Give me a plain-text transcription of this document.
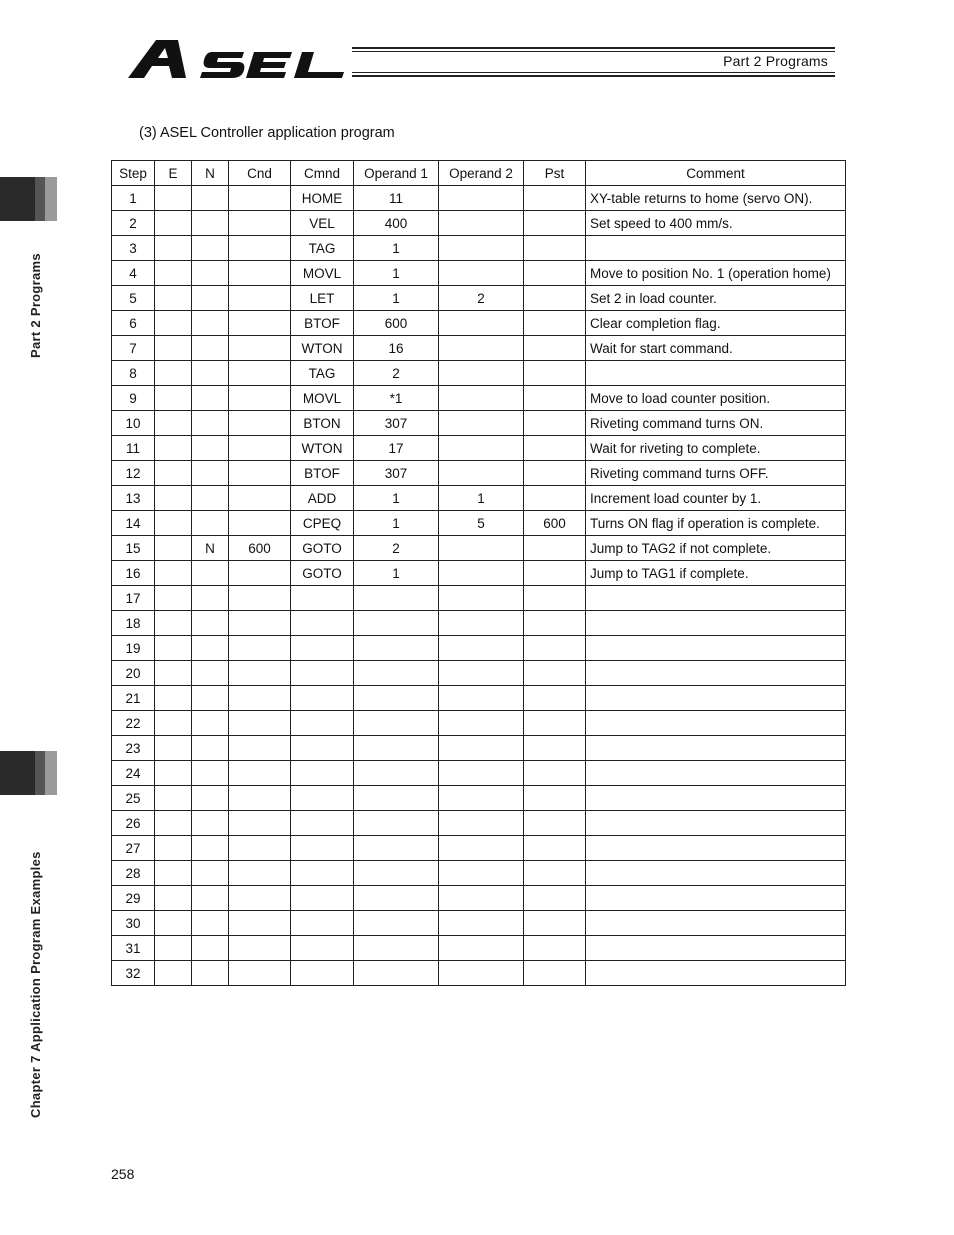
Part 2 Programs
Part 2 Programs
Chapter 7 Application Program Examples
(3) ASEL Controller application program
Step	E	N	Cnd	Cmnd	Operand 1	Operand 2	Pst	Comment
1				HOME	11			XY-table returns to home (servo ON).
2				VEL	400			Set speed to 400 mm/s.
3				TAG	1			
4				MOVL	1			Move to position No. 1 (operation home)
5				LET	1	2		Set 2 in load counter.
6				BTOF	600			Clear completion flag.
7				WTON	16			Wait for start command.
8				TAG	2			
9				MOVL	*1			Move to load counter position.
10				BTON	307			Riveting command turns ON.
11				WTON	17			Wait for riveting to complete.
12				BTOF	307			Riveting command turns OFF.
13				ADD	1	1		Increment load counter by 1.
14				CPEQ	1	5	600	Turns ON flag if operation is complete.
15		N	600	GOTO	2			Jump to TAG2 if not complete.
16				GOTO	1			Jump to TAG1 if complete.
17								
18								
19								
20								
21								
22								
23								
24								
25								
26								
27								
28								
29								
30								
31								
32								
258
